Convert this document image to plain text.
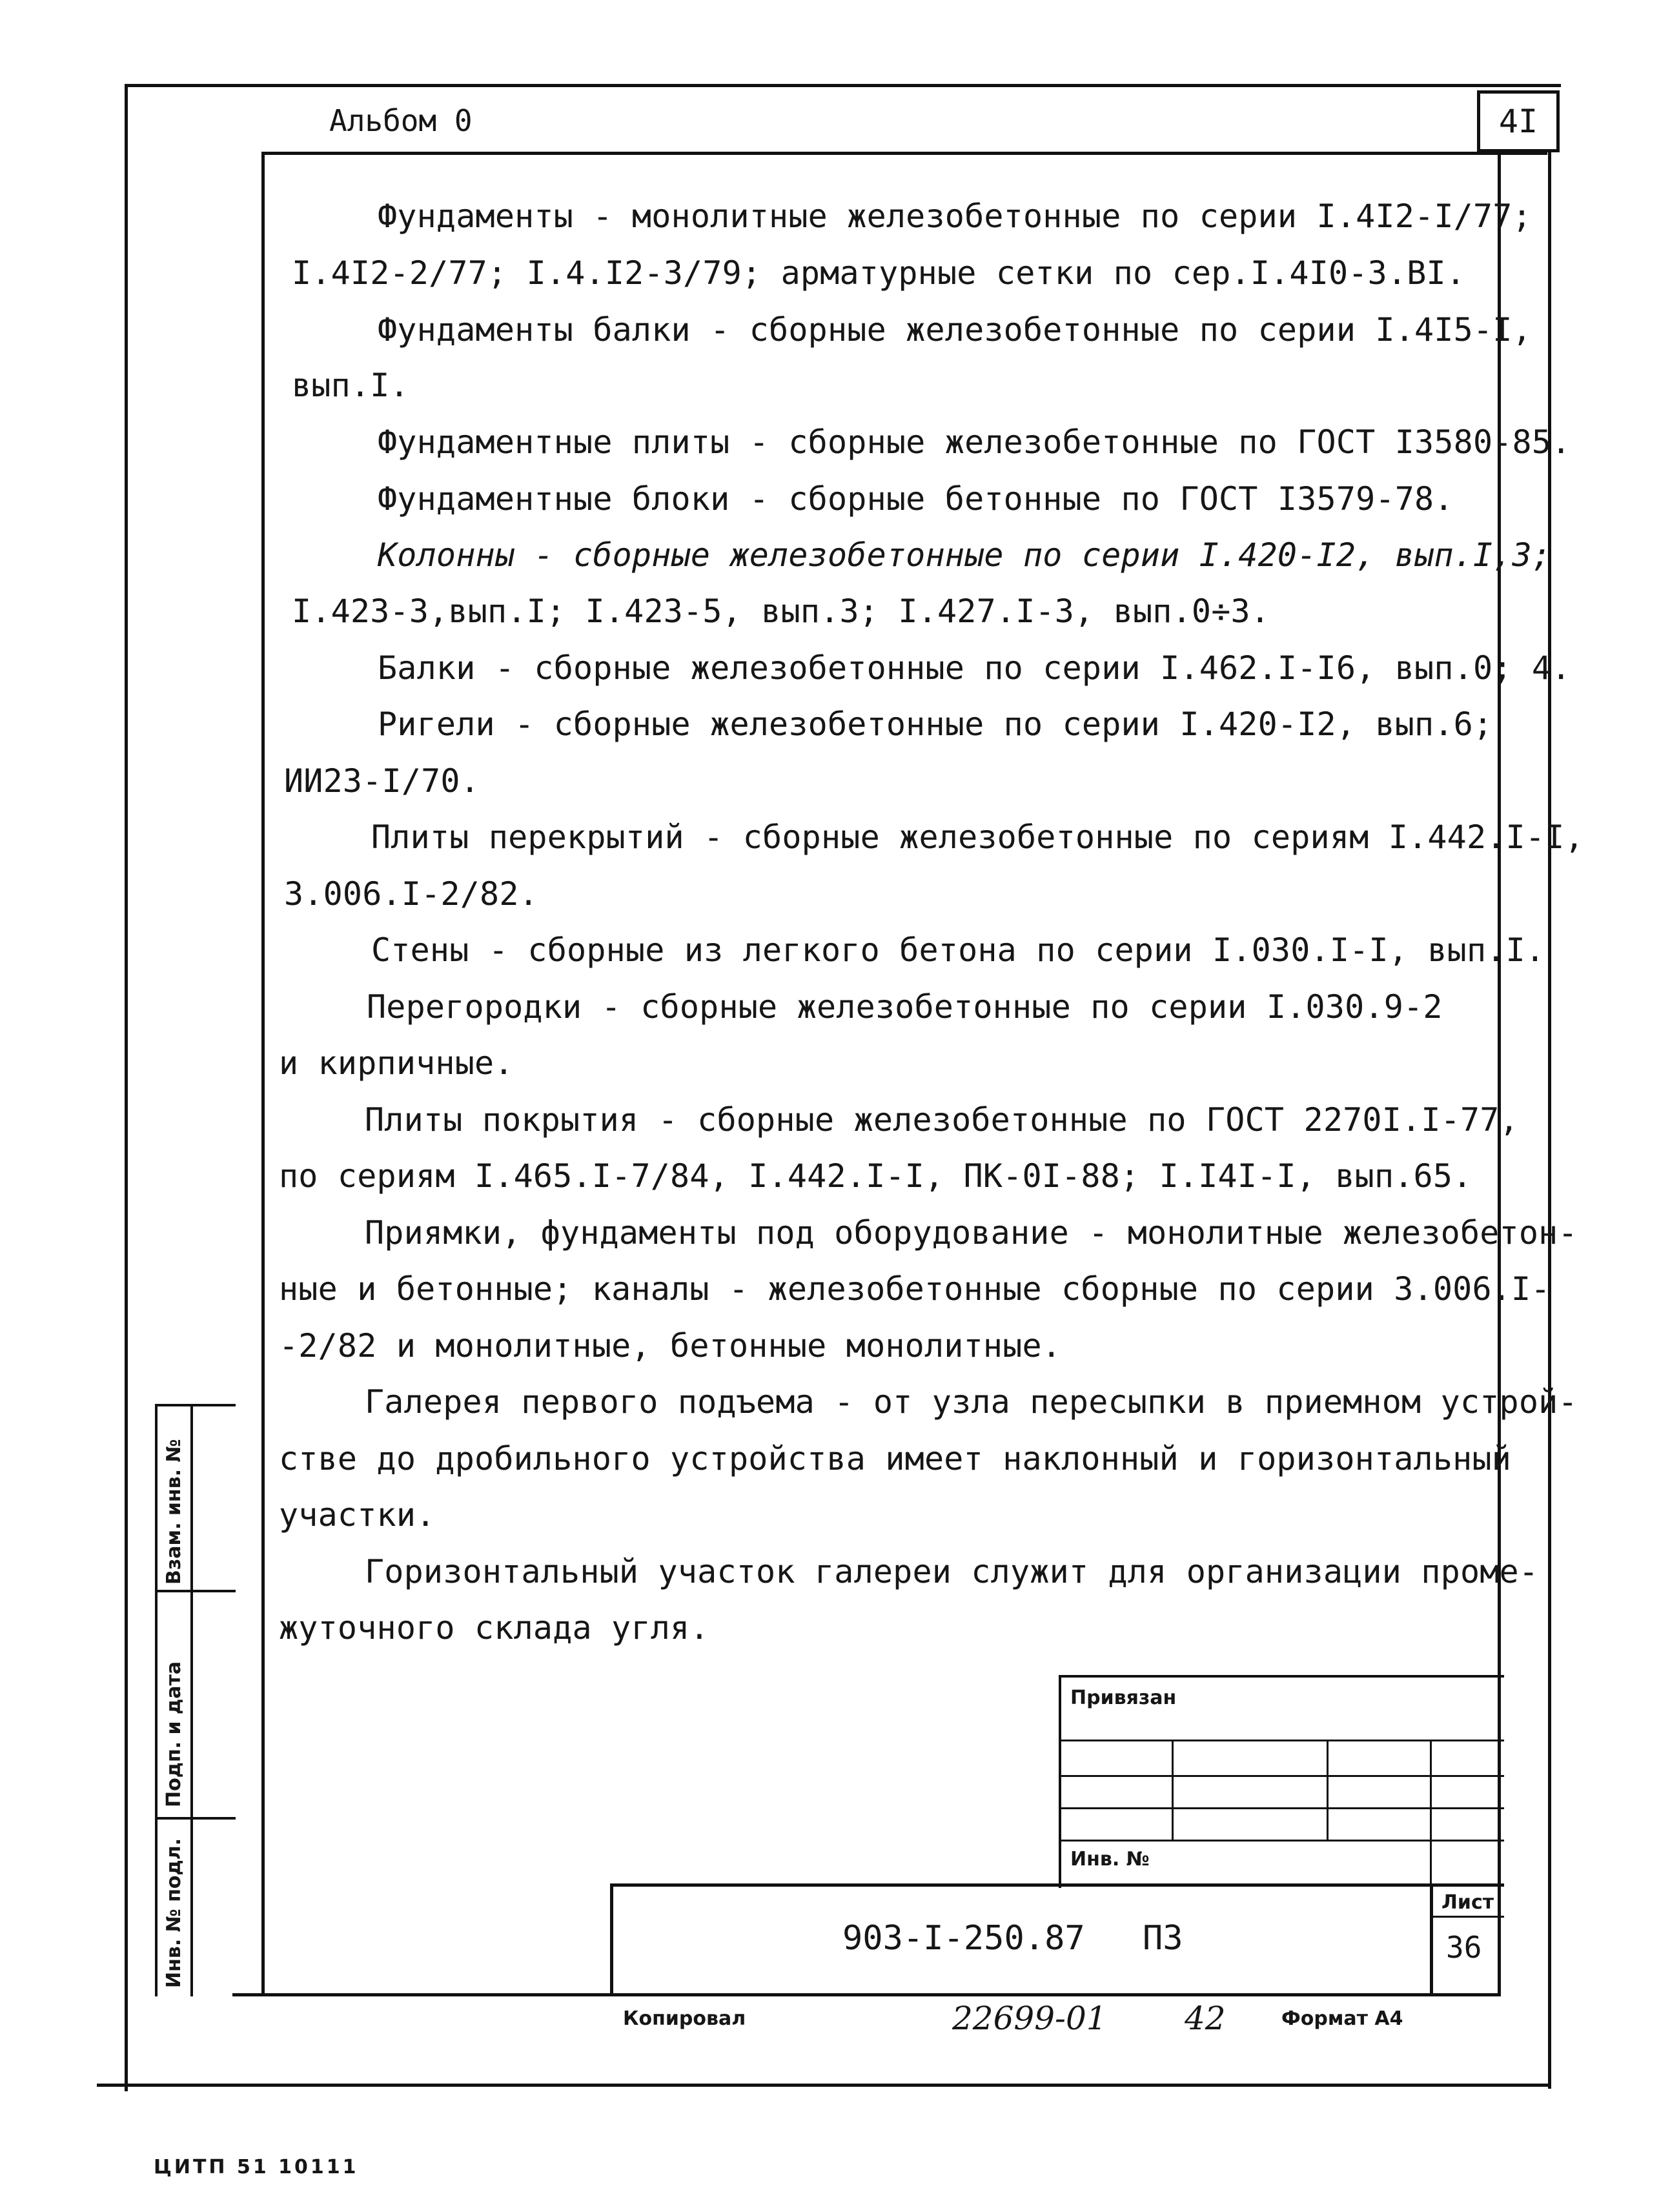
Альбом 0	4I
Фундаменты - монолитные железобетонные по серии I.4I2-I/77;
I.4I2-2/77; I.4.I2-3/79; арматурные сетки по сер.I.4I0-3.BI.
Фундаменты балки - сборные железобетонные по серии I.4I5-I,
вып.I.
Фундаментные плиты - сборные железобетонные по ГОСТ I3580-85.
Фундаментные блоки - сборные бетонные по ГОСТ I3579-78.
Колонны - сборные железобетонные по серии I.420-I2, вып.I,3;
I.423-3,вып.I; I.423-5, вып.3; I.427.I-3, вып.0÷3.
Балки - сборные железобетонные по серии I.462.I-I6, вып.0; 4.
Ригели - сборные железобетонные по серии I.420-I2, вып.6;
ИИ23-I/70.
Плиты перекрытий - сборные железобетонные по сериям I.442.I-I,
3.006.I-2/82.
Стены - сборные из легкого бетона по серии I.030.I-I, вып.I.
Перегородки - сборные железобетонные по серии I.030.9-2
и кирпичные.
Плиты покрытия - сборные железобетонные по ГОСТ 2270I.I-77,
по сериям I.465.I-7/84, I.442.I-I, ПК-0I-88; I.I4I-I, вып.65.
Приямки, фундаменты под оборудование - монолитные железобетон-
ные и бетонные; каналы - железобетонные сборные по серии 3.006.I-
-2/82 и монолитные, бетонные монолитные.
Галерея первого подъема - от узла пересыпки в приемном устрой-
стве до дробильного устройства имеет наклонный и горизонтальный
участки.
Горизонтальный участок галереи служит для организации проме-
жуточного склада угля.
Взам. инв. №
Подп. и дата
Инв. № подл.
Привязан
Инв. №
903-I-250.87 ПЗ
Лист
36
Копировал	22699-01 42	Формат А4
ЦИТП 51 10111
